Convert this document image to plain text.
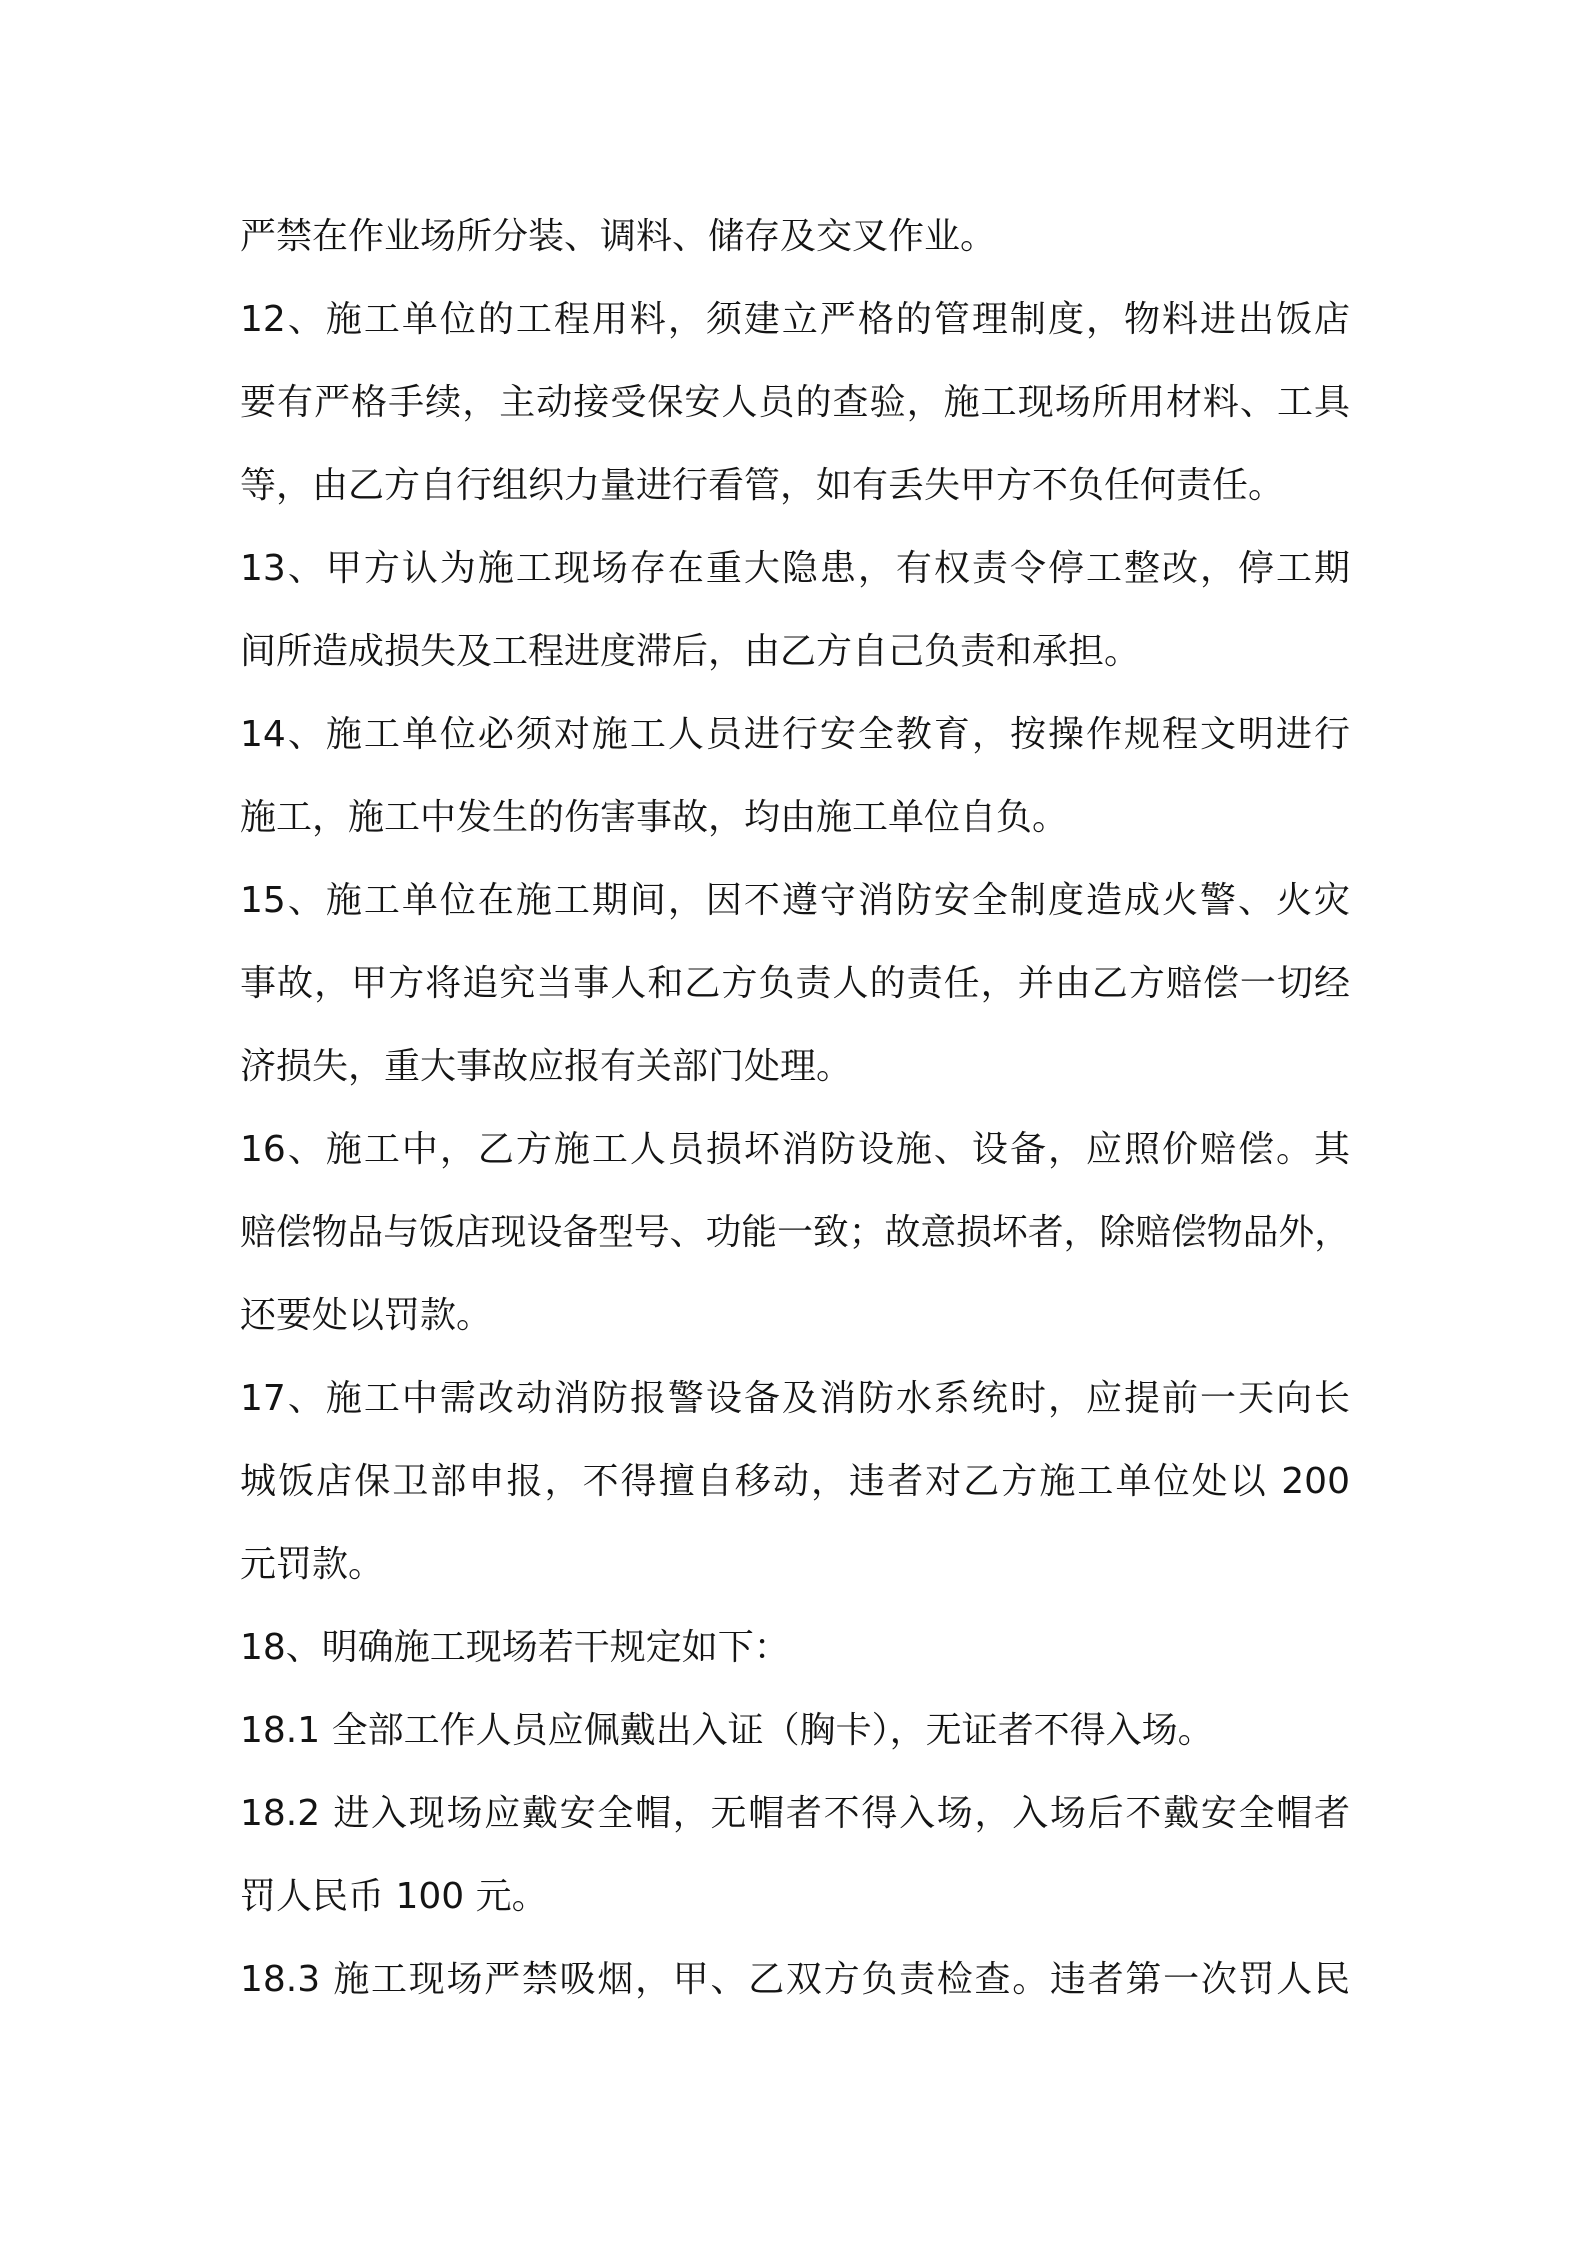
严禁在作业场所分装、调料、储存及交叉作业。
12、施工单位的工程用料，须建立严格的管理制度，物料进出饭店
要有严格手续，主动接受保安人员的查验，施工现场所用材料、工具
等，由乙方自行组织力量进行看管，如有丢失甲方不负任何责任。
13、甲方认为施工现场存在重大隐患，有权责令停工整改，停工期
间所造成损失及工程进度滞后，由乙方自己负责和承担。
14、施工单位必须对施工人员进行安全教育，按操作规程文明进行
施工，施工中发生的伤害事故，均由施工单位自负。
15、施工单位在施工期间，因不遵守消防安全制度造成火警、火灾
事故，甲方将追究当事人和乙方负责人的责任，并由乙方赔偿一切经
济损失，重大事故应报有关部门处理。
16、施工中，乙方施工人员损坏消防设施、设备，应照价赔偿。其
赔偿物品与饭店现设备型号、功能一致；故意损坏者，除赔偿物品外，
还要处以罚款。
17、施工中需改动消防报警设备及消防水系统时，应提前一天向长
城饭店保卫部申报，不得擅自移动，违者对乙方施工单位处以 200
元罚款。
18、明确施工现场若干规定如下：
18.1 全部工作人员应佩戴出入证（胸卡），无证者不得入场。
18.2 进入现场应戴安全帽，无帽者不得入场，入场后不戴安全帽者
罚人民币 100 元。
18.3 施工现场严禁吸烟，甲、乙双方负责检查。违者第一次罚人民
